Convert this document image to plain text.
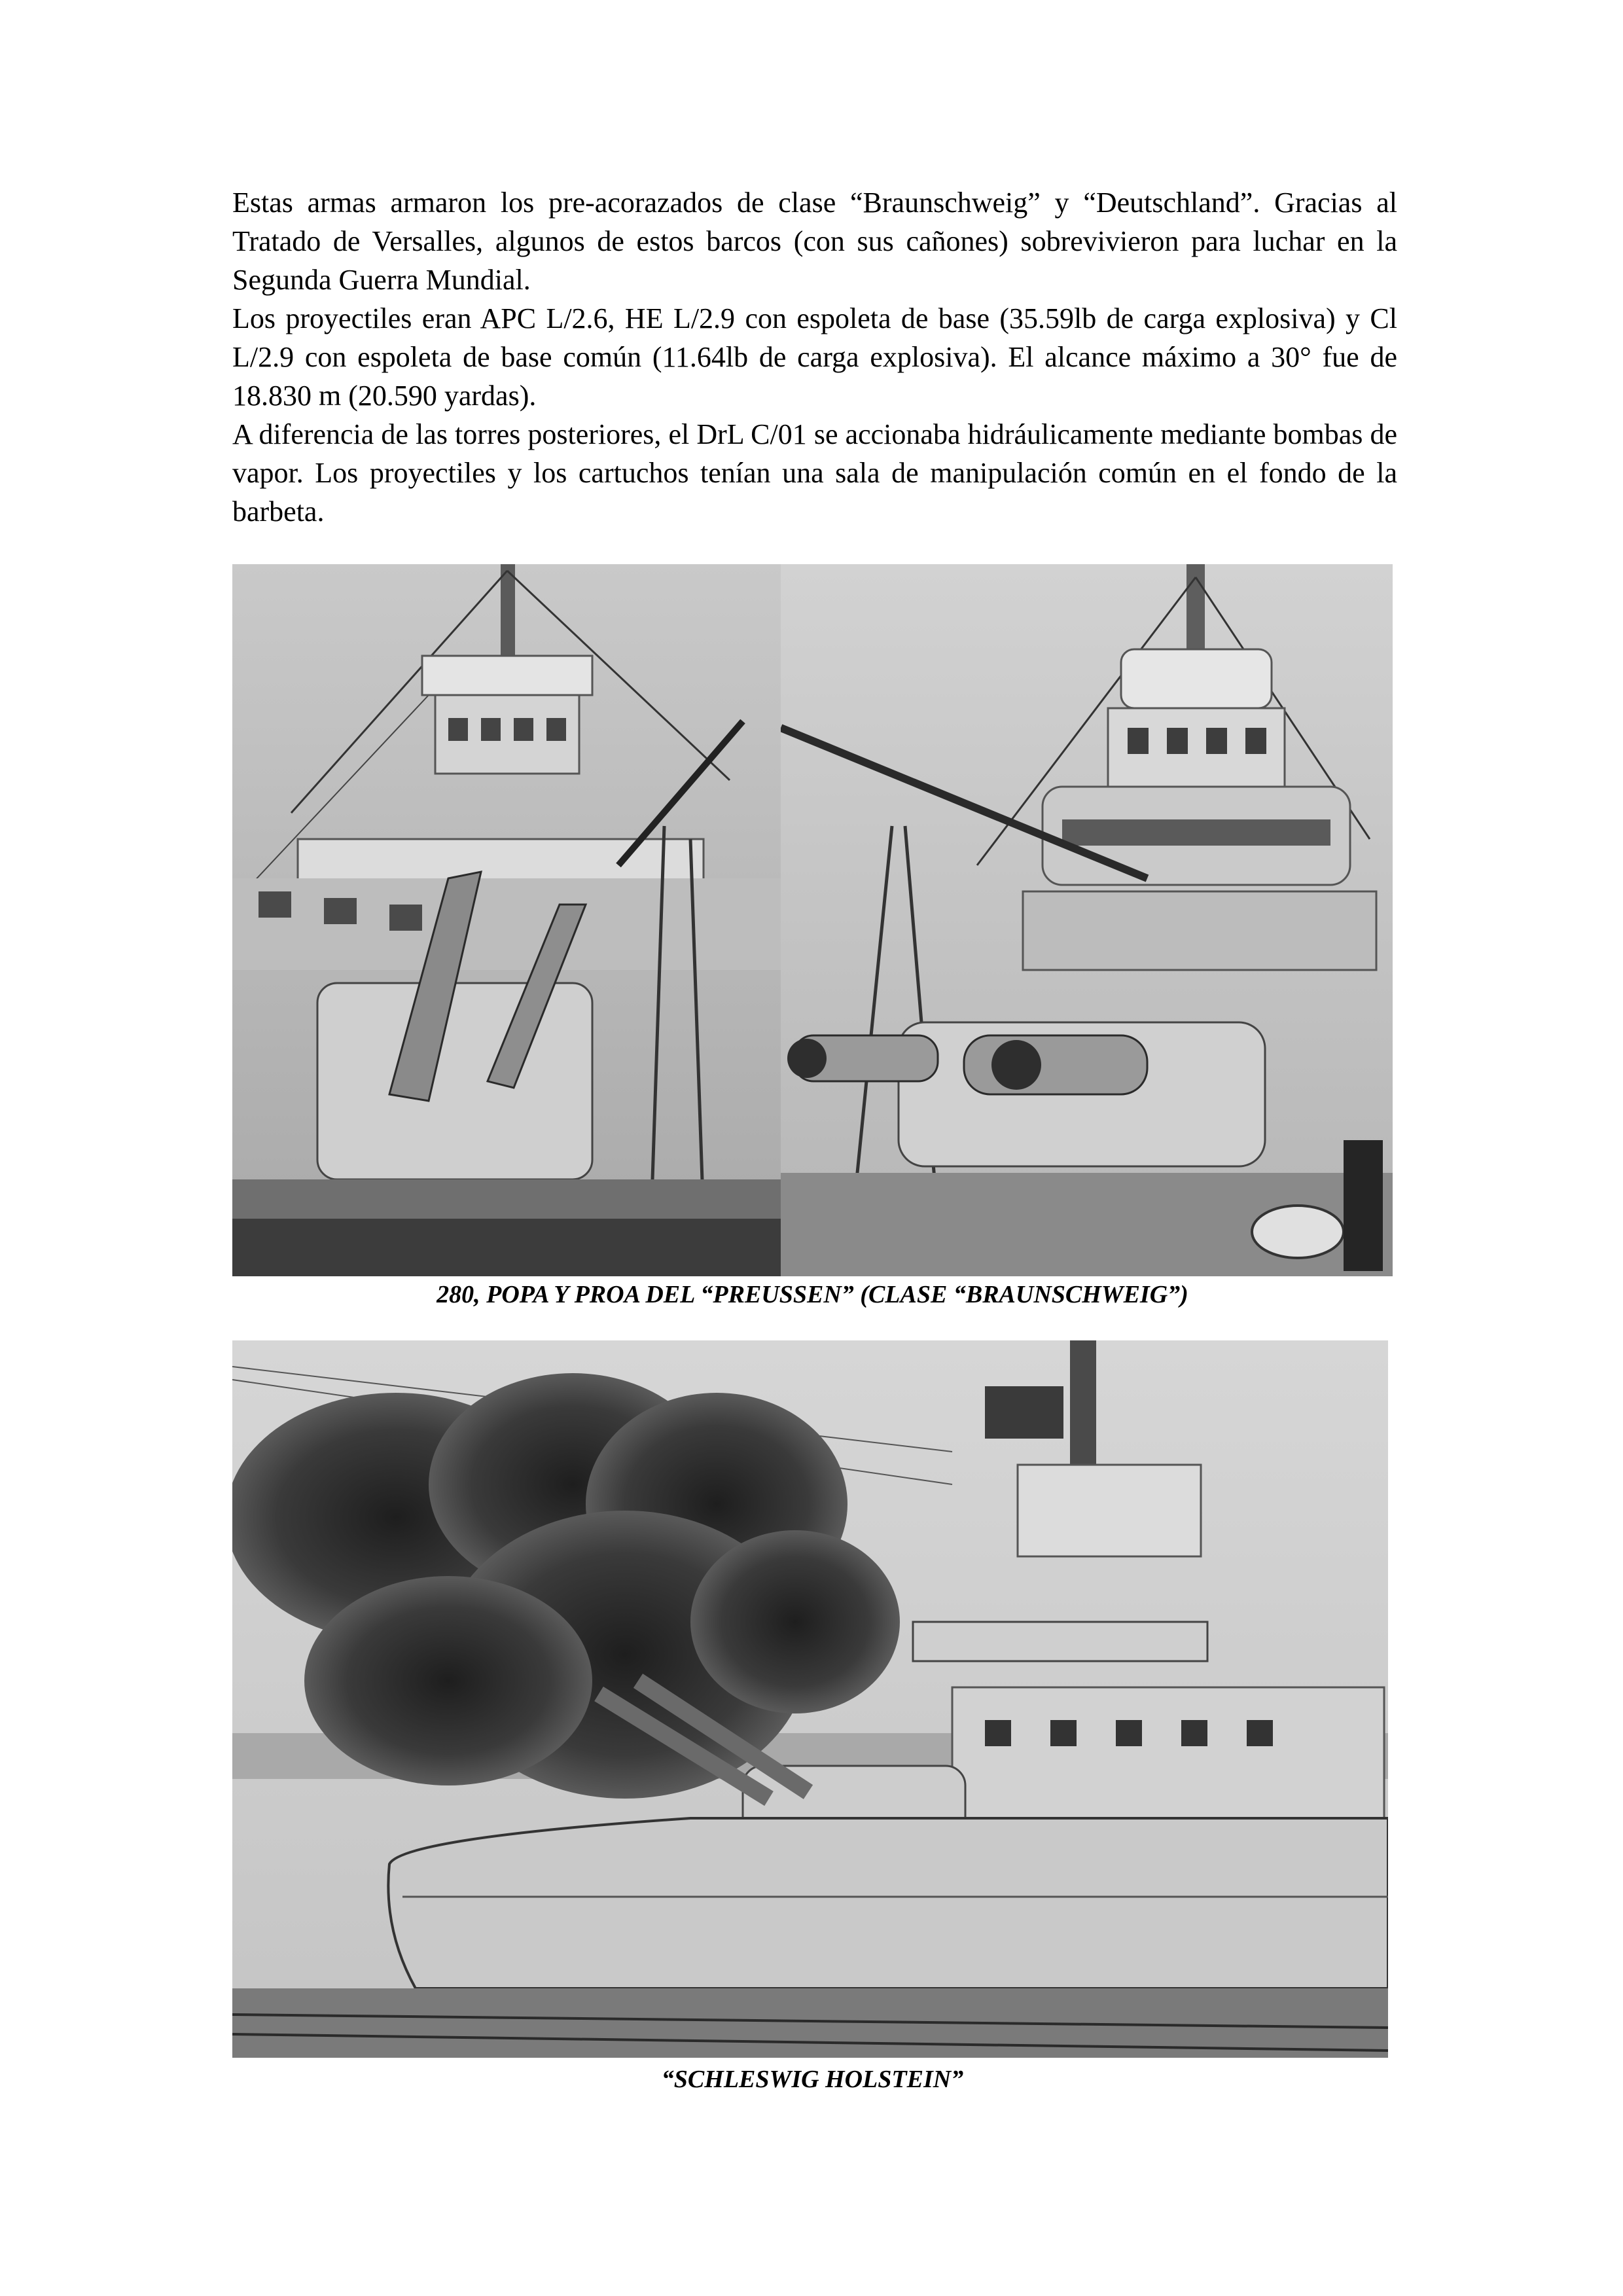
Estas armas armaron los pre-acorazados de clase “Braunschweig” y “Deutschland”. Gracias al Tratado de Versalles, algunos de estos barcos (con sus cañones) sobrevivieron para luchar en la Segunda Guerra Mundial.

Los proyectiles eran APC L/2.6, HE L/2.9 con espoleta de base (35.59lb de carga explosiva) y Cl L/2.9 con espoleta de base común (11.64lb de carga explosiva). El alcance máximo a 30° fue de 18.830 m (20.590 yardas).

A diferencia de las torres posteriores, el DrL C/01 se accionaba hidráulicamente mediante bombas de vapor. Los proyectiles y los cartuchos tenían una sala de manipulación común en el fondo de la barbeta.

280, POPA Y PROA DEL “PREUSSEN” (CLASE “BRAUNSCHWEIG”)
“SCHLESWIG HOLSTEIN”
